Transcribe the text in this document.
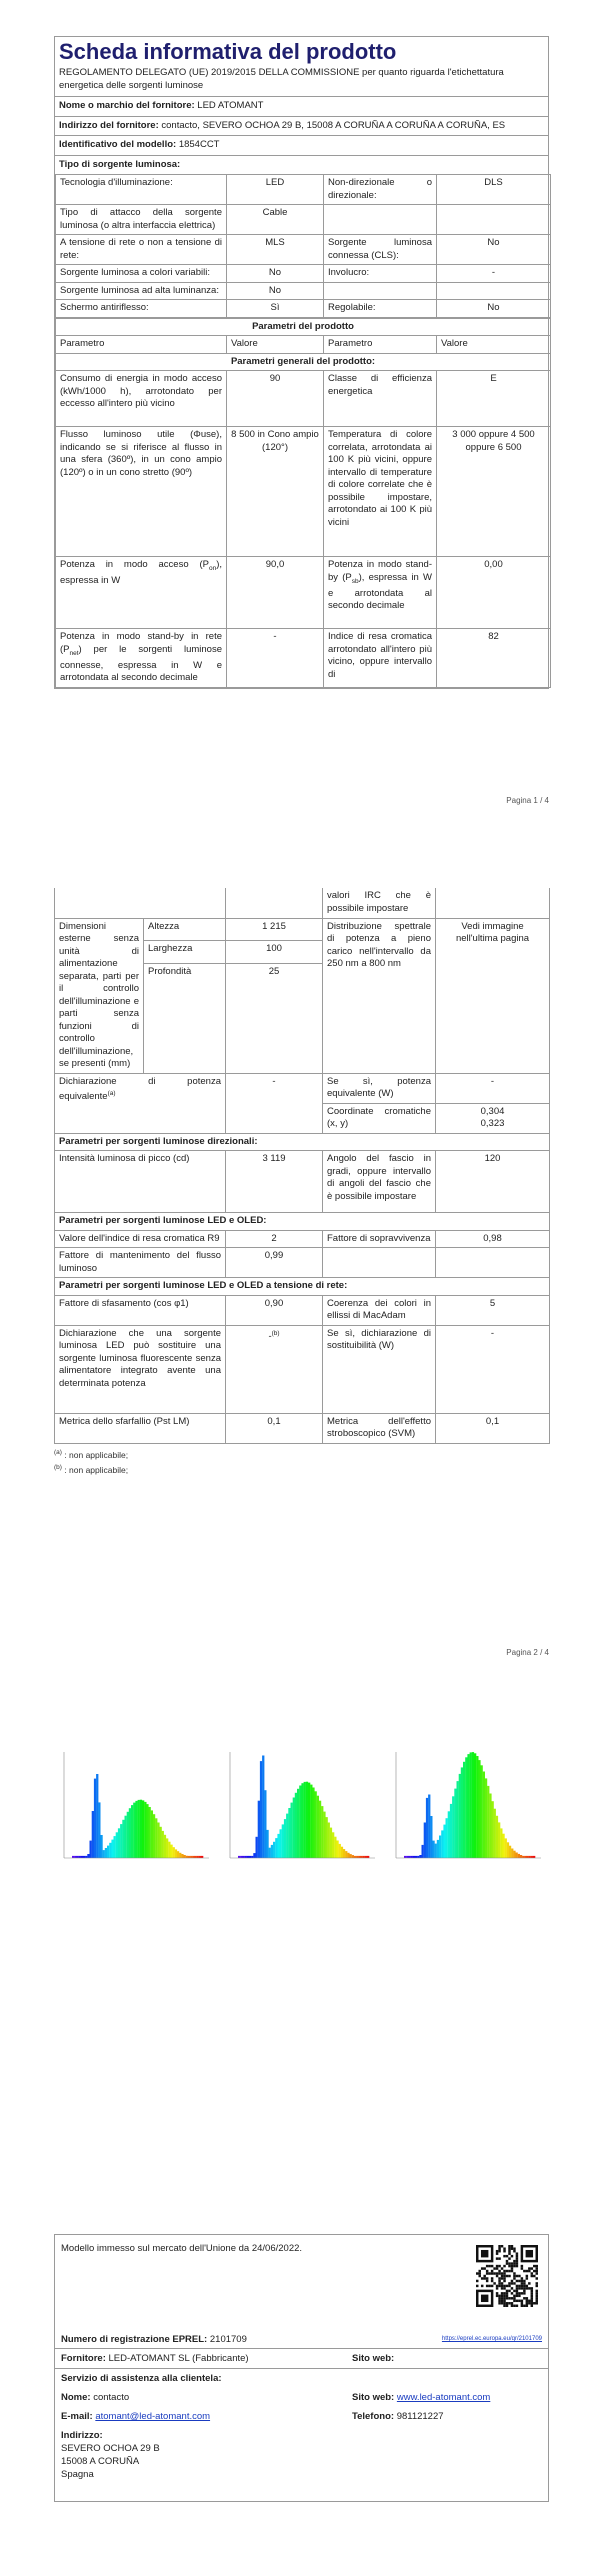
Scheda informativa del prodotto
REGOLAMENTO DELEGATO (UE) 2019/2015 DELLA COMMISSIONE per quanto riguarda l'etichettatura energetica delle sorgenti luminose
Nome o marchio del fornitore: LED ATOMANT
Indirizzo del fornitore: contacto, SEVERO OCHOA 29 B, 15008 A CORUÑA A CORUÑA A CORUÑA, ES
Identificativo del modello: 1854CCT
Tipo di sorgente luminosa:
Tecnologia d'illuminazione:	LED	Non-direzionale o direzionale:	DLS
Tipo di attacco della sorgente luminosa (o altra interfaccia elettrica)	Cable		
A tensione di rete o non a tensione di rete:	MLS	Sorgente luminosa connessa (CLS):	No
Sorgente luminosa a colori variabili:	No	Involucro:	-
Sorgente luminosa ad alta luminanza:	No		
Schermo antiriflesso:	Sì	Regolabile:	No
Parametri del prodotto			
Parametro	Valore	Parametro	Valore
Parametri generali del prodotto:			
Consumo di energia in modo acceso (kWh/1000 h), arrotondato per eccesso all'intero più vicino	90	Classe di efficienza energetica	E
Flusso luminoso utile (Φuse), indicando se si riferisce al flusso in una sfera (360º), in un cono ampio (120º) o in un cono stretto (90º)	8 500 in Cono ampio (120°)	Temperatura di colore correlata, arrotondata ai 100 K più vicini, oppure intervallo di temperature di colore correlate che è possibile impostare, arrotondato ai 100 K più vicini	3 000 oppure 4 500 oppure 6 500
Potenza in modo acceso $(P_{on})$, espressa in W	90,0	Potenza in modo stand-by $(P_{sb})$, espressa in W e arrotondata al secondo decimale	0,00
Potenza in modo stand-by in rete $(P_{net})$ per le sorgenti luminose connesse, espressa in W e arrotondata al secondo decimale	-	Indice di resa cromatica arrotondato all'intero più vicino, oppure intervallo di	82
Pagina 1 / 4
			valori IRC che è possibile impostare	
Dimensioni esterne senza unità di alimentazione separata, parti per il controllo dell'illuminazione e parti senza funzioni di controllo dell'illuminazione, se presenti (mm)	Altezza	1 215	Distribuzione spettrale di potenza a pieno carico nell'intervallo da 250 nm a 800 nm	Vedi immagine nell'ultima pagina
	Larghezza	100		
	Profondità	25		
Dichiarazione di potenza equivalente$^{(a)}$		-	Se sì, potenza equivalente (W)	-
			Coordinate cromatiche (x, y)	0,304
0,323

Parametri per sorgenti luminose direzionali:				
Intensità luminosa di picco (cd)		3 119	Angolo del fascio in gradi, oppure intervallo di angoli del fascio che è possibile impostare	120
Parametri per sorgenti luminose LED e OLED:				
Valore dell'indice di resa cromatica R9		2	Fattore di sopravvivenza	0,98
Fattore di mantenimento del flusso luminoso		0,99		
Parametri per sorgenti luminose LED e OLED a tensione di rete:				
Fattore di sfasamento (cos φ1)		0,90	Coerenza dei colori in ellissi di MacAdam	5
Dichiarazione che una sorgente luminosa LED può sostituire una sorgente luminosa fluorescente senza alimentatore integrato avente una determinata potenza		-$^{(b)}$	Se sì, dichiarazione di sostituibilità (W)	-
Metrica dello sfarfallio (Pst LM)		0,1	Metrica dell'effetto stroboscopico (SVM)	0,1
$^{(a)}$ : non applicabile;
$^{(b)}$ : non applicabile;
Pagina 2 / 4
Modello immesso sul mercato dell'Unione da 24/06/2022.
Numero di registrazione EPREL: 2101709	https://eprel.ec.europa.eu/qr/2101709
Fornitore: LED-ATOMANT SL (Fabbricante)	Sito web:
Servizio di assistenza alla clientela:
Nome: contacto	Sito web: www.led-atomant.com
E-mail: atomant@led-atomant.com	Telefono: 981121227
Indirizzo:
SEVERO OCHOA 29 B
15008 A CORUÑA
Spagna
